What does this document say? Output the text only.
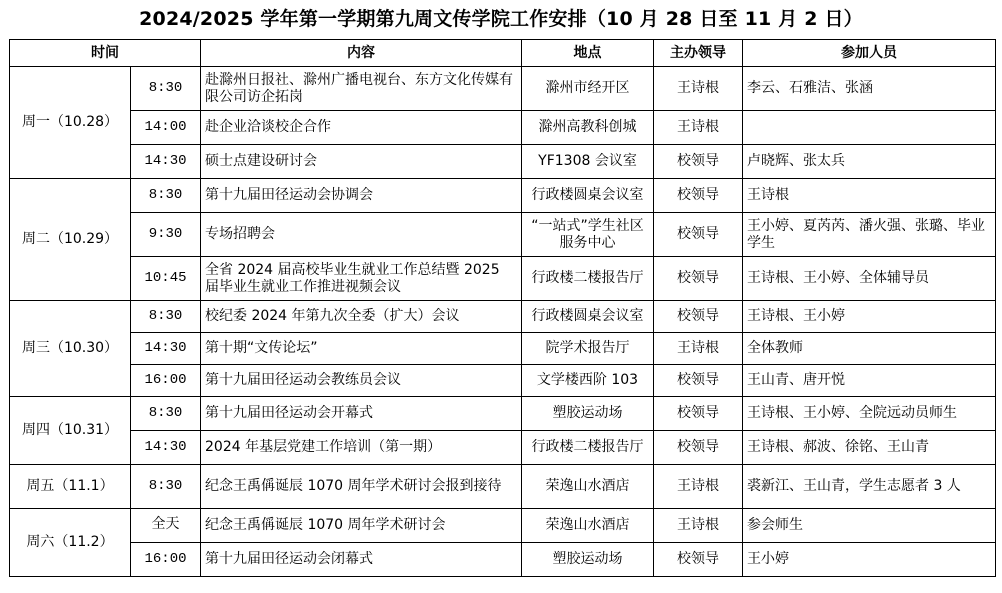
2024/2025 学年第一学期第九周文传学院工作安排（10 月 28 日至 11 月 2 日）
时间		内容	地点	主办领导	参加人员
周一（10.28）	8:30	赴滁州日报社、滁州广播电视台、东方文化传媒有限公司访企拓岗	滁州市经开区	王诗根	李云、石雅洁、张涵
	14:00	赴企业洽谈校企合作	滁州高教科创城	王诗根	
	14:30	硕士点建设研讨会	YF1308 会议室	校领导	卢晓辉、张太兵
周二（10.29）	8:30	第十九届田径运动会协调会	行政楼圆桌会议室	校领导	王诗根
	9:30	专场招聘会	“一站式”学生社区服务中心	校领导	王小婷、夏芮芮、潘火强、张璐、毕业学生
	10:45	全省 2024 届高校毕业生就业工作总结暨 2025 届毕业生就业工作推进视频会议	行政楼二楼报告厅	校领导	王诗根、王小婷、全体辅导员
周三（10.30）	8:30	校纪委 2024 年第九次全委（扩大）会议	行政楼圆桌会议室	校领导	王诗根、王小婷
	14:30	第十期“文传论坛”	院学术报告厅	王诗根	全体教师
	16:00	第十九届田径运动会教练员会议	文学楼西阶 103	校领导	王山青、唐开悦
周四（10.31）	8:30	第十九届田径运动会开幕式	塑胶运动场	校领导	王诗根、王小婷、全院远动员师生
	14:30	2024 年基层党建工作培训（第一期）	行政楼二楼报告厅	校领导	王诗根、郝波、徐铭、王山青
周五（11.1）	8:30	纪念王禹偁诞辰 1070 周年学术研讨会报到接待	荣逸山水酒店	王诗根	裘新江、王山青，学生志愿者 3 人
周六（11.2）	全天	纪念王禹偁诞辰 1070 周年学术研讨会	荣逸山水酒店	王诗根	参会师生
	16:00	第十九届田径运动会闭幕式	塑胶运动场	校领导	王小婷
